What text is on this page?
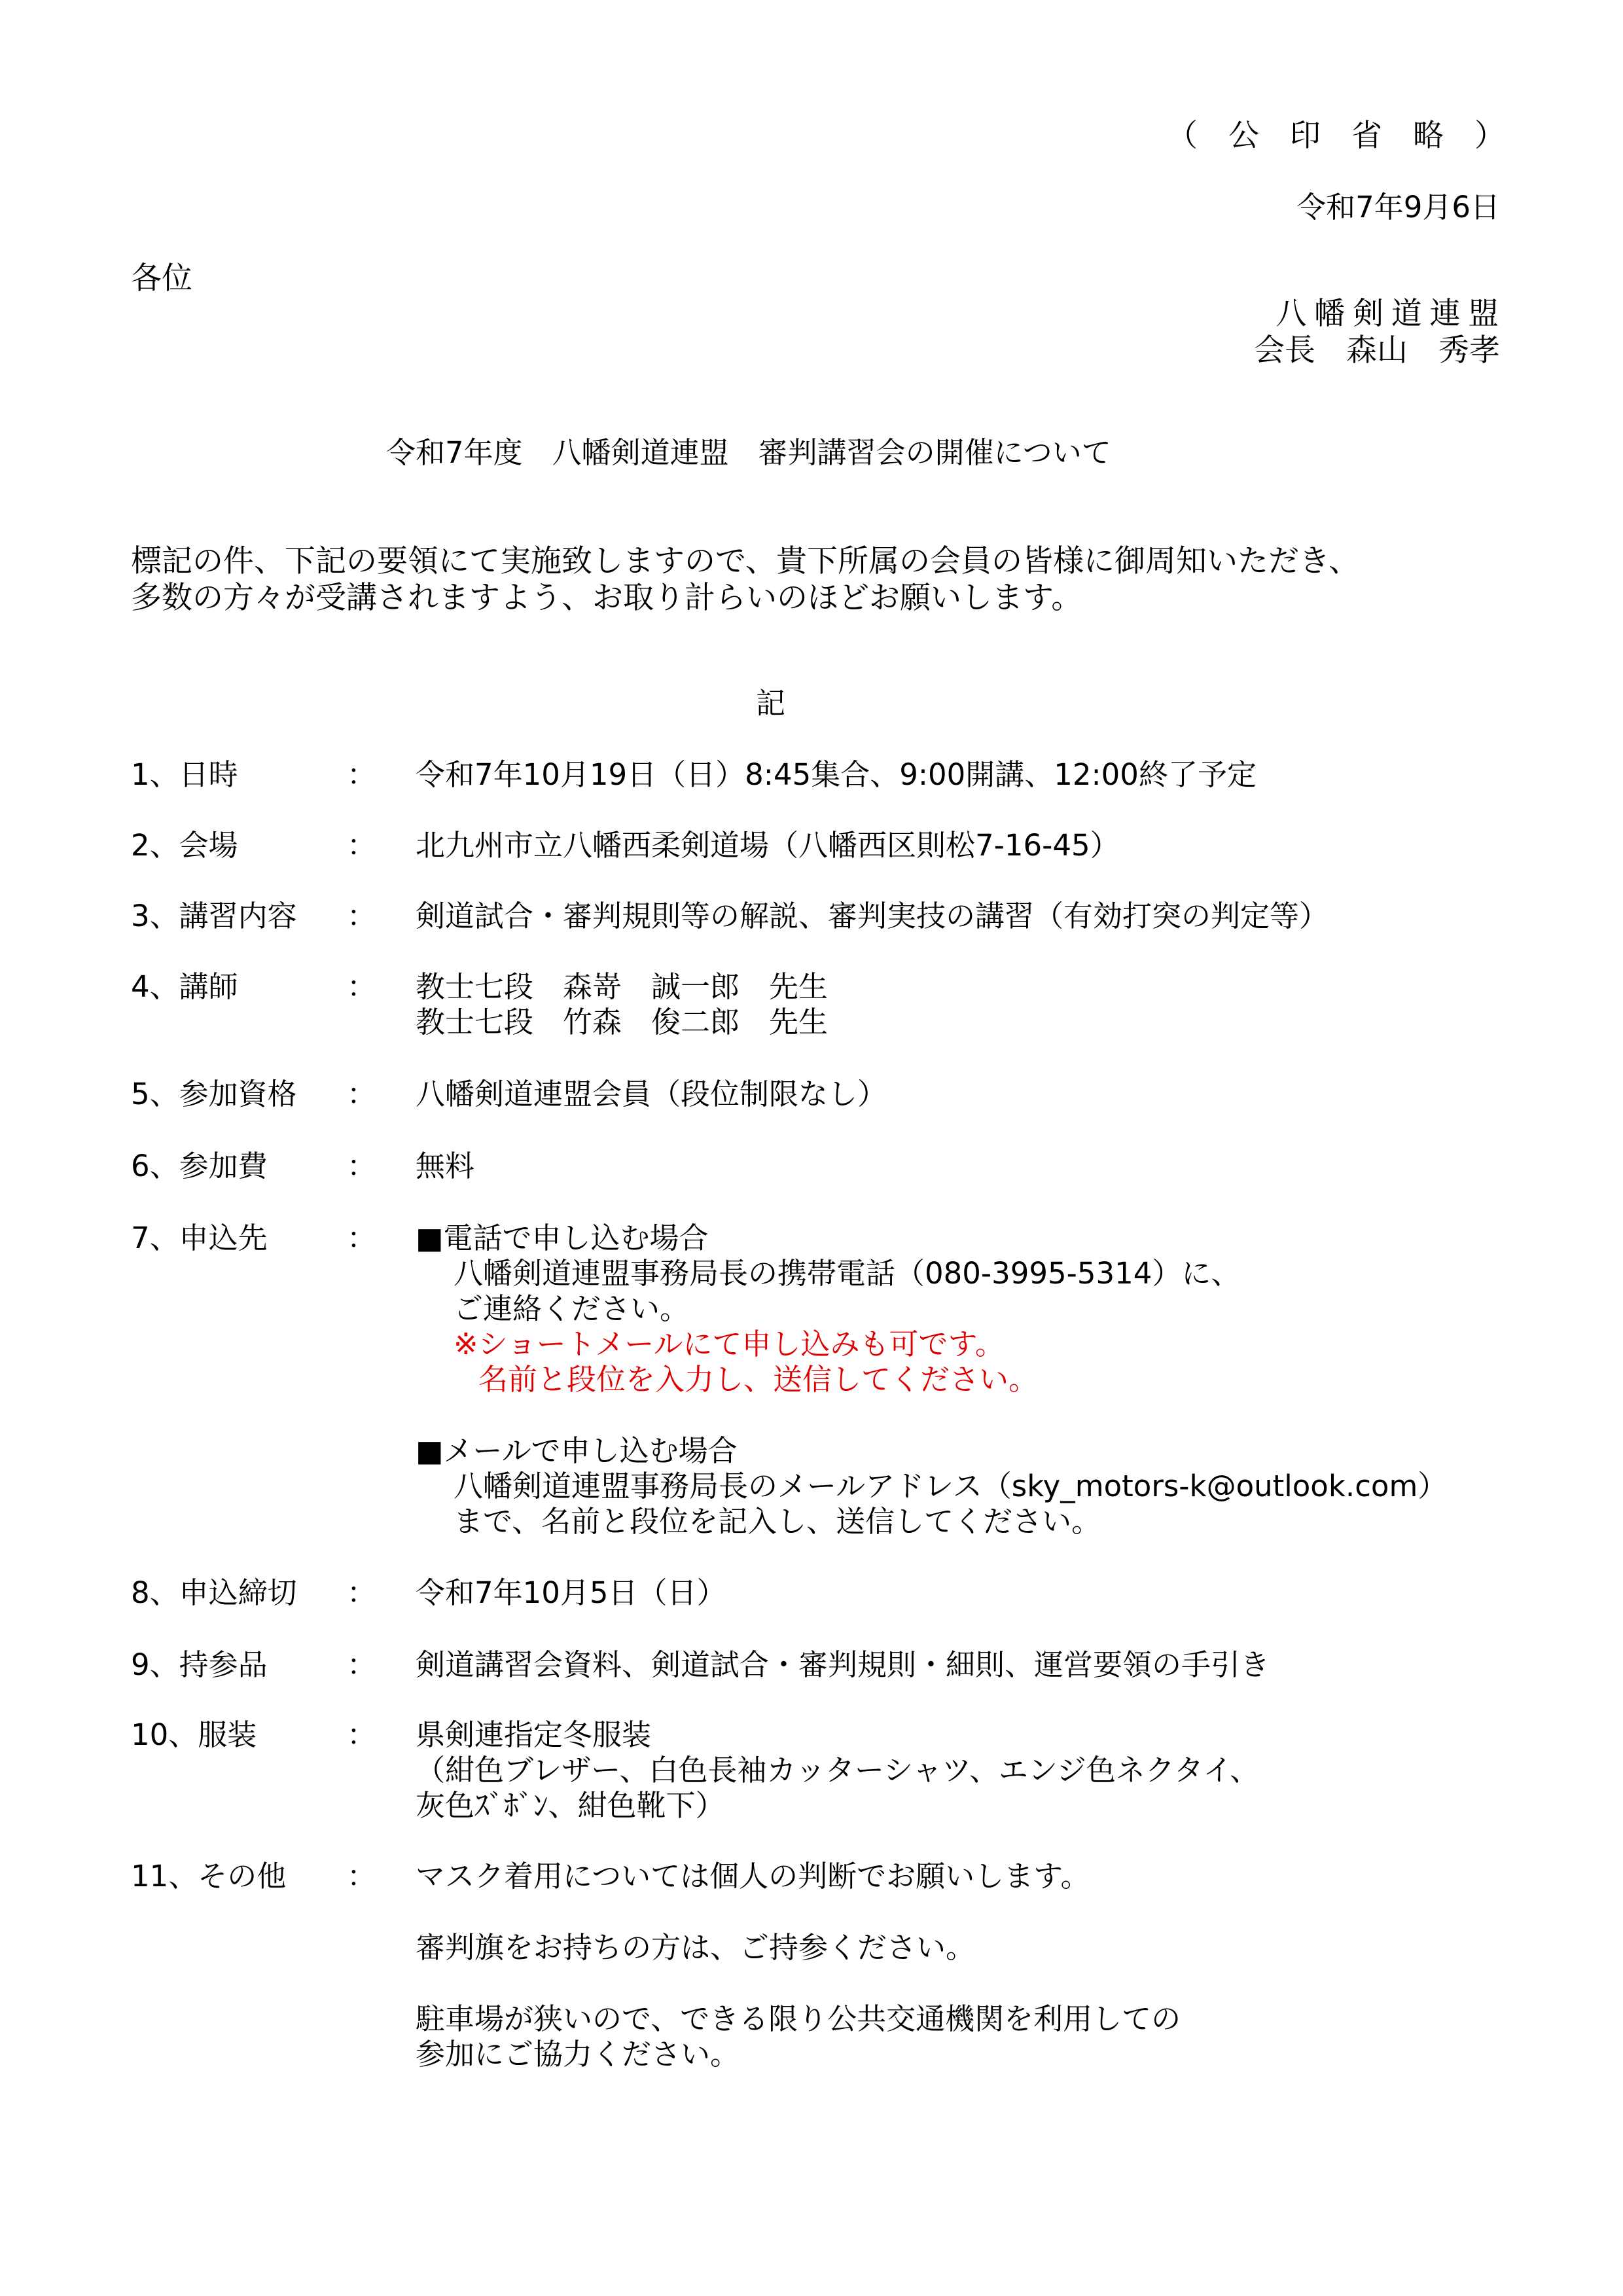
（　公　印　省　略　）
令和7年9月6日
各位
八幡剣道連盟
会長　森山　秀孝
令和7年度　八幡剣道連盟　審判講習会の開催について
標記の件、下記の要領にて実施致しますので、貴下所属の会員の皆様に御周知いただき、
多数の方々が受講されますよう、お取り計らいのほどお願いします。
記
1、日時	：	令和7年10月19日（日）8:45集合、9:00開講、12:00終了予定
2、会場	：	北九州市立八幡西柔剣道場（八幡西区則松7-16-45）
3、講習内容	：	剣道試合・審判規則等の解説、審判実技の講習（有効打突の判定等）
4、講師	：	教士七段　森嵜　誠一郎　先生
教士七段　竹森　俊二郎　先生
5、参加資格	：	八幡剣道連盟会員（段位制限なし）
6、参加費	：	無料
7、申込先	：	■電話で申し込む場合
八幡剣道連盟事務局長の携帯電話（080-3995-5314）に、
ご連絡ください。
※ショートメールにて申し込みも可です。
名前と段位を入力し、送信してください。
■メールで申し込む場合
八幡剣道連盟事務局長のメールアドレス（sky_motors-k@outlook.com）
まで、名前と段位を記入し、送信してください。
8、申込締切	：	令和7年10月5日（日）
9、持参品	：	剣道講習会資料、剣道試合・審判規則・細則、運営要領の手引き
10、服装	：	県剣連指定冬服装
（紺色ブレザー、白色長袖カッターシャツ、エンジ色ネクタイ、
灰色ｽﾞﾎﾞﾝ、紺色靴下）
11、その他	：	マスク着用については個人の判断でお願いします。
審判旗をお持ちの方は、ご持参ください。
駐車場が狭いので、できる限り公共交通機関を利用しての
参加にご協力ください。
